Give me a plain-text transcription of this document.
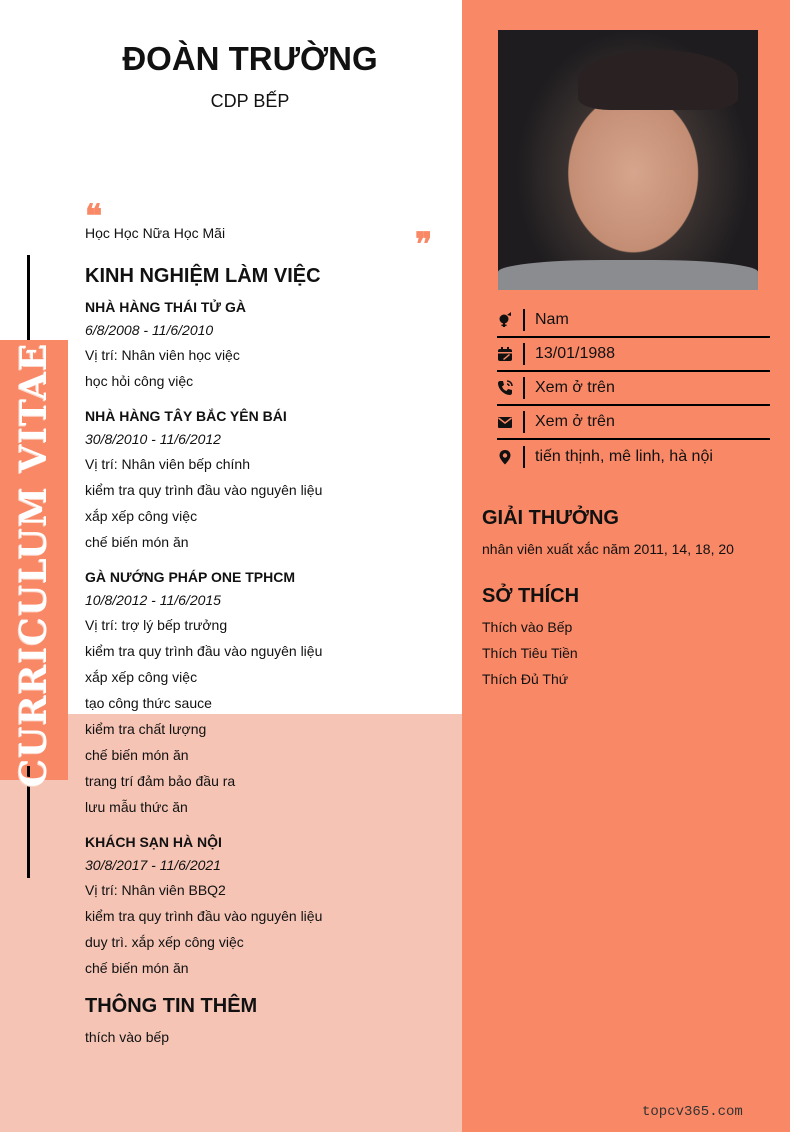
CURRICULUM VITAE
ĐOÀN TRƯỜNG
CDP BẾP
❝
Học Học Nữa Học Mãi	❞
KINH NGHIỆM LÀM VIỆC
NHÀ HÀNG THÁI TỬ GÀ
6/8/2008 - 11/6/2010
Vị trí: Nhân viên học việc
học hỏi công việc
NHÀ HÀNG TÂY BẮC YÊN BÁI
30/8/2010 - 11/6/2012
Vị trí: Nhân viên bếp chính
kiểm tra quy trình đầu vào nguyên liệu
xắp xếp công việc
chế biến món ăn
GÀ NƯỚNG PHÁP ONE TPHCM
10/8/2012 - 11/6/2015
Vị trí: trợ lý bếp trưởng
kiểm tra quy trình đầu vào nguyên liệu
xắp xếp công việc
tạo công thức sauce
kiểm tra chất lượng
chế biến món ăn
trang trí đảm bảo đầu ra
lưu mẫu thức ăn
KHÁCH SẠN HÀ NỘI
30/8/2017 - 11/6/2021
Vị trí: Nhân viên BBQ2
kiểm tra quy trình đầu vào nguyên liệu
duy trì. xắp xếp công việc
chế biến món ăn
THÔNG TIN THÊM
thích vào bếp
Nam
13/01/1988
Xem ở trên
Xem ở trên
tiến thịnh, mê linh, hà nội
GIẢI THƯỞNG
nhân viên xuất xắc năm 2011, 14, 18, 20
SỞ THÍCH
Thích vào Bếp
Thích Tiêu Tiền
Thích Đủ Thứ
topcv365.com
